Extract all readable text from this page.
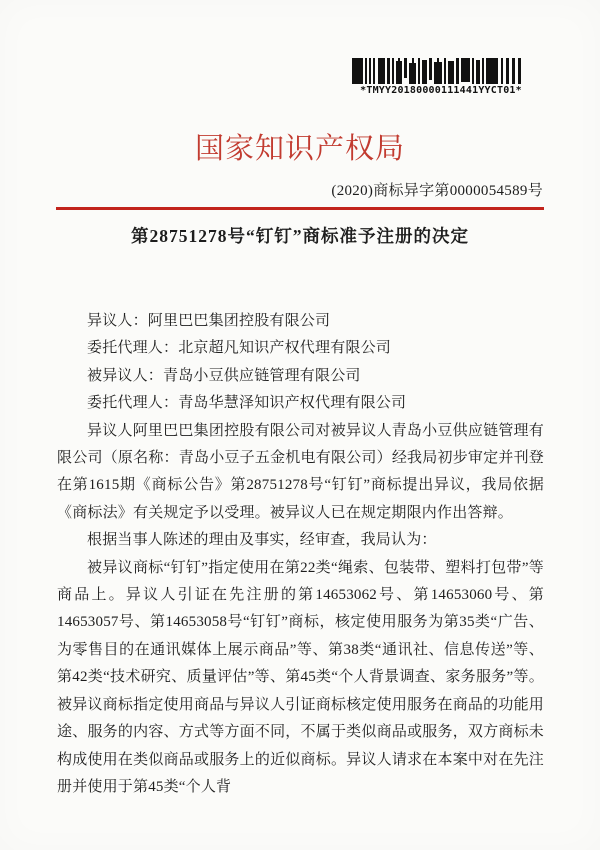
*TMYY20180000111441YYCT01*
国家知识产权局
(2020)商标异字第0000054589号
第28751278号“钉钉”商标准予注册的决定
异议人：阿里巴巴集团控股有限公司
委托代理人：北京超凡知识产权代理有限公司
被异议人：青岛小豆供应链管理有限公司
委托代理人：青岛华慧泽知识产权代理有限公司

异议人阿里巴巴集团控股有限公司对被异议人青岛小豆供应链管理有限公司（原名称：青岛小豆子五金机电有限公司）经我局初步审定并刊登在第1615期《商标公告》第28751278号“钉钉”商标提出异议，我局依据《商标法》有关规定予以受理。被异议人已在规定期限内作出答辩。

根据当事人陈述的理由及事实，经审查，我局认为：

被异议商标“钉钉”指定使用在第22类“绳索、包装带、塑料打包带”等商品上。异议人引证在先注册的第14653062号、第14653060号、第14653057号、第14653058号“钉钉”商标，核定使用服务为第35类“广告、为零售目的在通讯媒体上展示商品”等、第38类“通讯社、信息传送”等、第42类“技术研究、质量评估”等、第45类“个人背景调查、家务服务”等。被异议商标指定使用商品与异议人引证商标核定使用服务在商品的功能用途、服务的内容、方式等方面不同，不属于类似商品或服务，双方商标未构成使用在类似商品或服务上的近似商标。异议人请求在本案中对在先注册并使用于第45类“个人背
